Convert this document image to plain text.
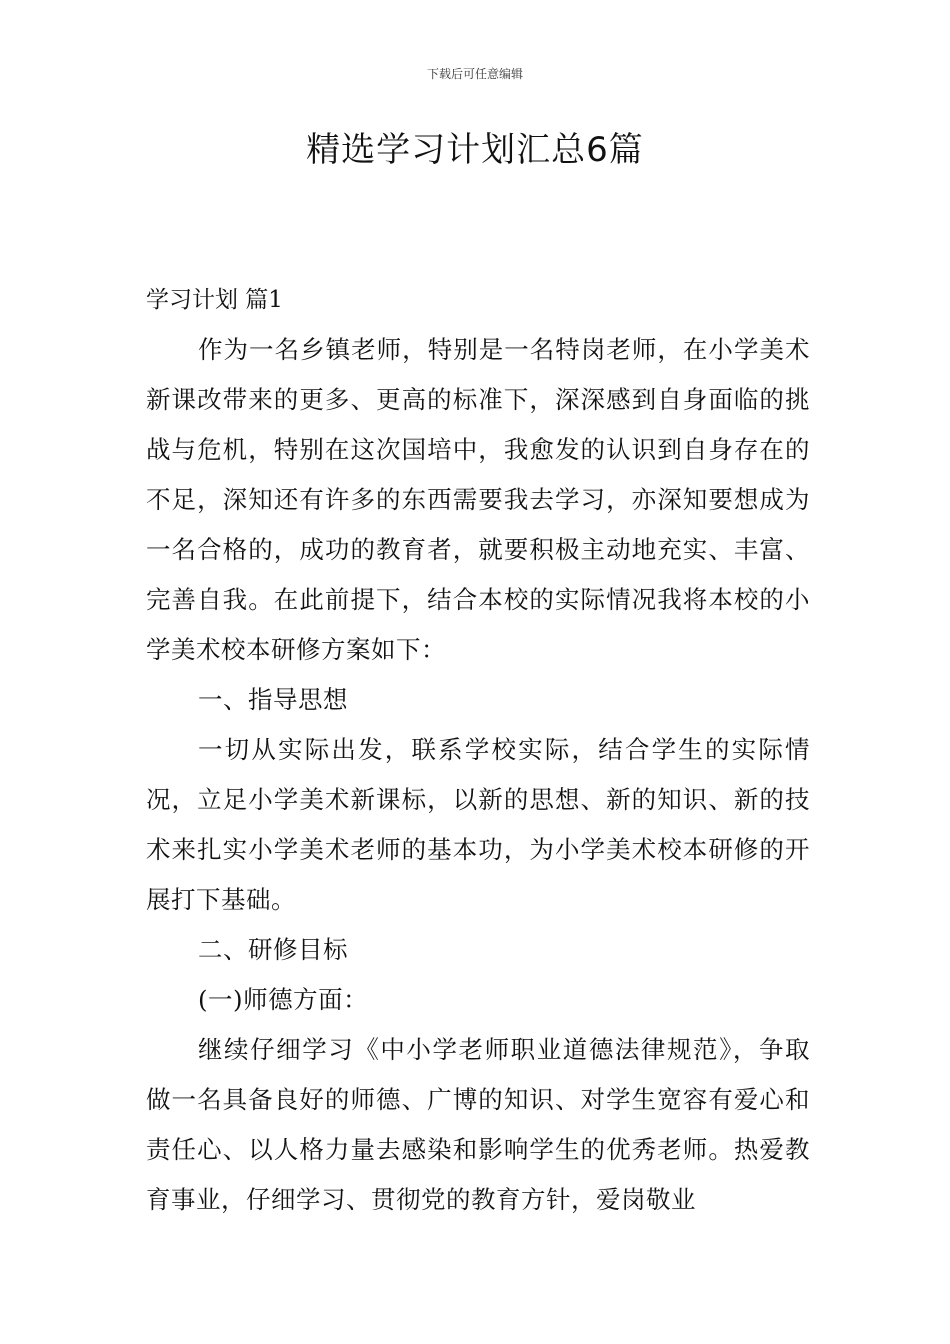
下载后可任意编辑
精选学习计划汇总6篇
学习计划 篇1

作为一名乡镇老师，特别是一名特岗老师，在小学美术新课改带来的更多、更高的标准下，深深感到自身面临的挑战与危机，特别在这次国培中，我愈发的认识到自身存在的不足，深知还有许多的东西需要我去学习，亦深知要想成为一名合格的，成功的教育者，就要积极主动地充实、丰富、完善自我。在此前提下，结合本校的实际情况我将本校的小学美术校本研修方案如下：

一、指导思想

一切从实际出发，联系学校实际，结合学生的实际情况，立足小学美术新课标，以新的思想、新的知识、新的技术来扎实小学美术老师的基本功，为小学美术校本研修的开展打下基础。

二、研修目标

(一)师德方面：

继续仔细学习《中小学老师职业道德法律规范》，争取做一名具备良好的师德、广博的知识、对学生宽容有爱心和责任心、以人格力量去感染和影响学生的优秀老师。热爱教育事业，仔细学习、贯彻党的教育方针，爱岗敬业
